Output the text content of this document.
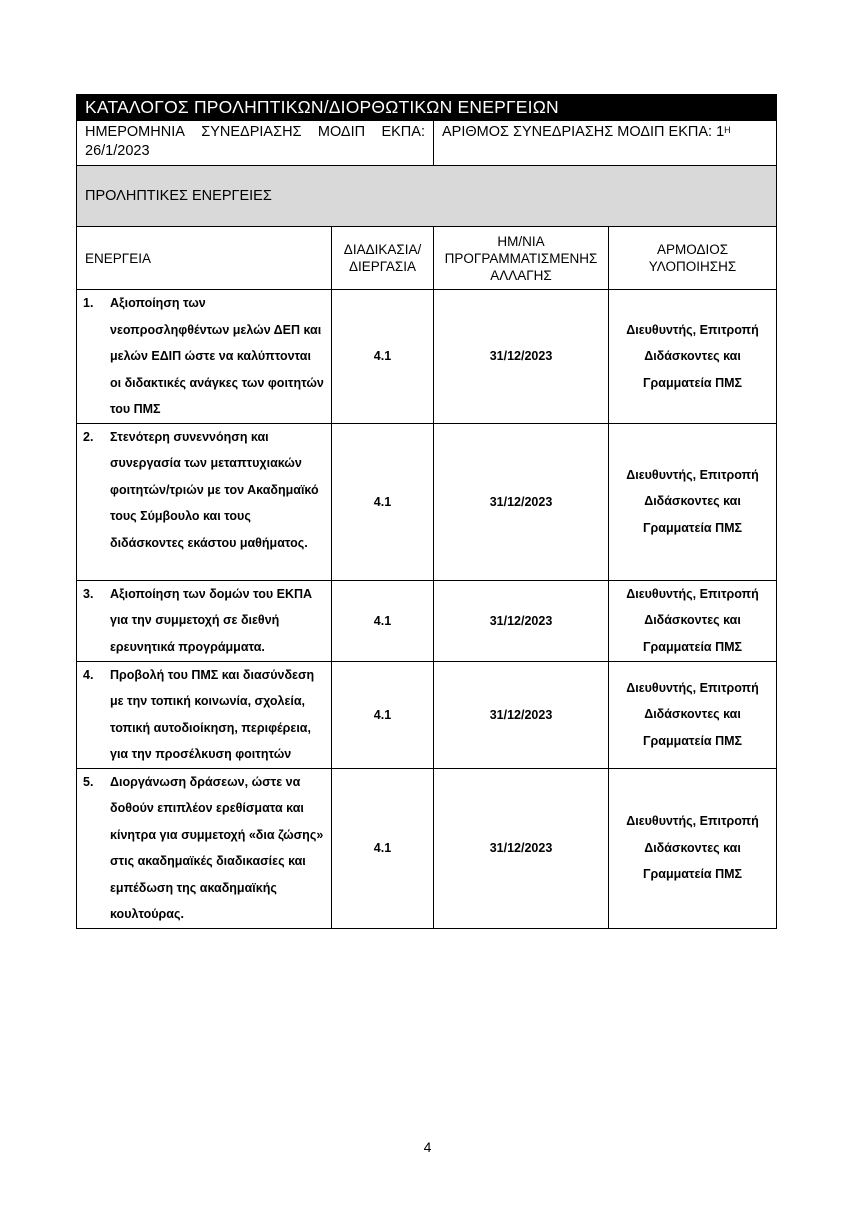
ΚΑΤΑΛΟΓΟΣ ΠΡΟΛΗΠΤΙΚΩΝ/ΔΙΟΡΘΩΤΙΚΩΝ ΕΝΕΡΓΕΙΩΝ			

ΗΜΕΡΟΜΗΝΙΑ ΣΥΝΕΔΡΙΑΣΗΣ ΜΟΔΙΠ ΕΚΠΑ:
26/1/2023		ΑΡΙΘΜΟΣ ΣΥΝΕΔΡΙΑΣΗΣ ΜΟΔΙΠ ΕΚΠΑ: $1^H$
ΠΡΟΛΗΠΤΙΚΕΣ ΕΝΕΡΓΕΙΕΣ			
ΕΝΕΡΓΕΙΑ	ΔΙΑΔΙΚΑΣΙΑ/ ΔΙΕΡΓΑΣΙΑ	ΗΜ/ΝΙΑ ΠΡΟΓΡΑΜΜΑΤΙΣΜΕΝΗΣ ΑΛΛΑΓΗΣ	ΑΡΜΟΔΙΟΣ ΥΛΟΠΟΙΗΣΗΣ

1. Αξιοποίηση των νεοπροσληφθέντων μελών ΔΕΠ και μελών ΕΔΙΠ ώστε να καλύπτονται οι διδακτικές ανάγκες των φοιτητών του ΠΜΣ	4.1	31/12/2023	Διευθυντής, Επιτροπή Διδάσκοντες και Γραμματεία ΠΜΣ

2. Στενότερη συνεννόηση και συνεργασία των μεταπτυχιακών φοιτητών/τριών με τον Ακαδημαϊκό τους Σύμβουλο και τους διδάσκοντες εκάστου μαθήματος.	4.1	31/12/2023	Διευθυντής, Επιτροπή Διδάσκοντες και Γραμματεία ΠΜΣ

3. Αξιοποίηση των δομών του ΕΚΠΑ για την συμμετοχή σε διεθνή ερευνητικά προγράμματα.	4.1	31/12/2023	Διευθυντής, Επιτροπή Διδάσκοντες και Γραμματεία ΠΜΣ

4. Προβολή του ΠΜΣ και διασύνδεση με την τοπική κοινωνία, σχολεία, τοπική αυτοδιοίκηση, περιφέρεια, για την προσέλκυση φοιτητών	4.1	31/12/2023	Διευθυντής, Επιτροπή Διδάσκοντες και Γραμματεία ΠΜΣ

5. Διοργάνωση δράσεων, ώστε να δοθούν επιπλέον ερεθίσματα και κίνητρα για συμμετοχή «δια ζώσης» στις ακαδημαϊκές διαδικασίες και εμπέδωση της ακαδημαϊκής κουλτούρας.	4.1	31/12/2023	Διευθυντής, Επιτροπή Διδάσκοντες και Γραμματεία ΠΜΣ
4
